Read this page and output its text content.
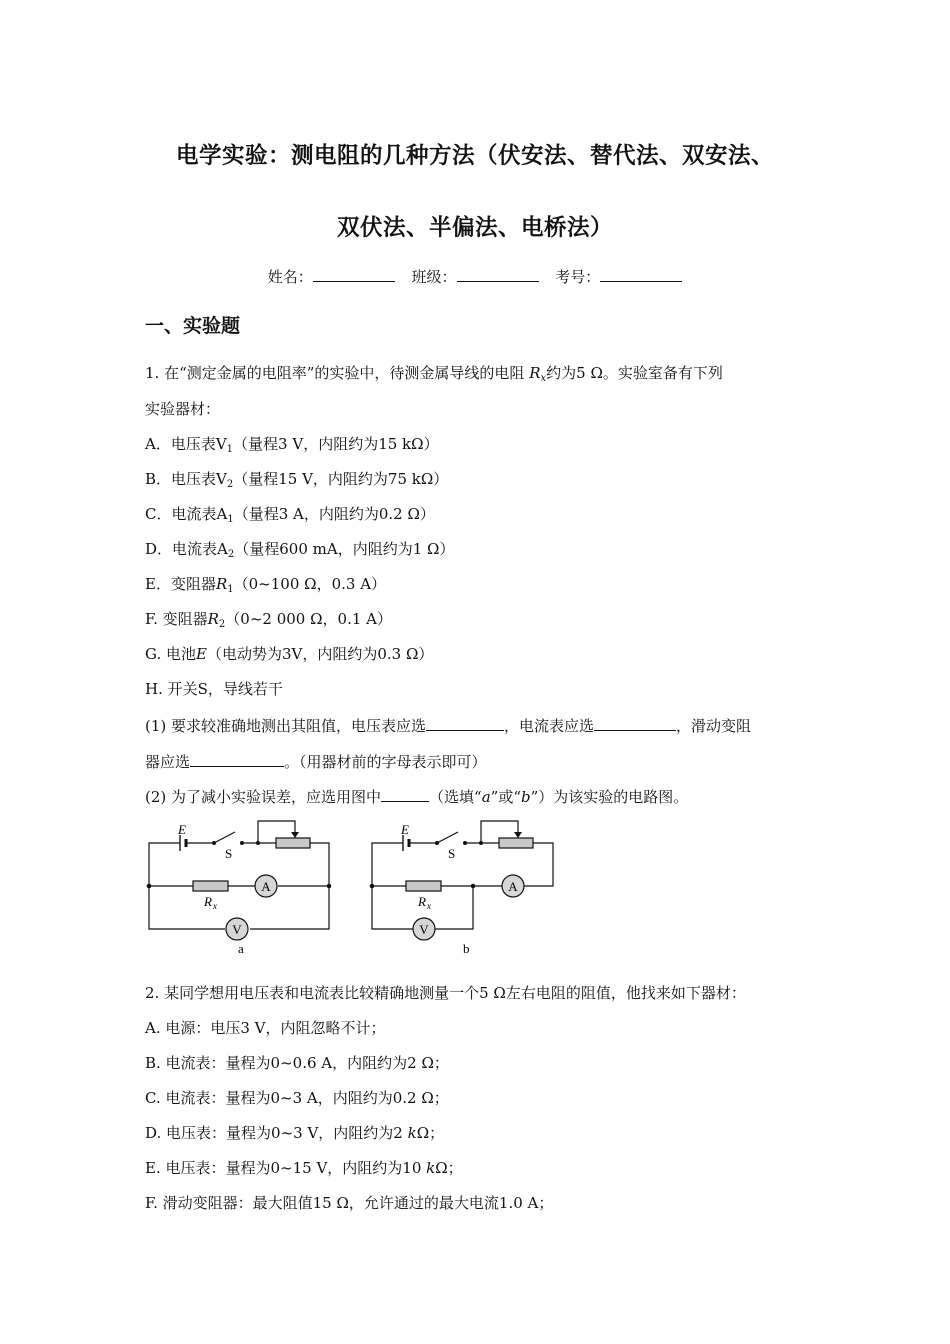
电学实验：测电阻的几种方法（伏安法、替代法、双安法、
双伏法、半偏法、电桥法）
姓名：	班级：	考号：
一、实验题
1. 在“测定金属的电阻率”的实验中，待测金属导线的电阻 $R_x$约为5 Ω。实验室备有下列
实验器材：
A．电压表$V_1$（量程3 V，内阻约为15 kΩ）
B．电压表$V_2$（量程15 V，内阻约为75 kΩ）
C．电流表$A_1$（量程3 A，内阻约为0.2 Ω）
D．电流表$A_2$（量程600 mA，内阻约为1 Ω）
E．变阻器$R_1(0\sim 100$ Ω，0.3 A）
F. 变阻器$R_2(0\sim 2$ 000 Ω，0.1 A）
G. 电池E（电动势为3V，内阻约为0.3 Ω）
H. 开关S，导线若干
(1) 要求较准确地测出其阻值，电压表应选	，电流表应选	，滑动变阻
器应选	。（用器材前的字母表示即可）
(2) 为了减小实验误差，应选用图中	（选填“a”或“b”）为该实验的电路图。
A
V
E
S
R x
a
A
V
E
S
R x
b
2. 某同学想用电压表和电流表比较精确地测量一个5 Ω左右电阻的阻值，他找来如下器材：
A. 电源：电压3 V，内阻忽略不计；
B. 电流表：量程为0~0.6 A，内阻约为2 Ω；
C. 电流表：量程为0~3 A，内阻约为0.2 Ω；
D. 电压表：量程为0~3 V，内阻约为2 kΩ；
E. 电压表：量程为0~15 V，内阻约为10 kΩ；
F. 滑动变阻器：最大阻值15 Ω，允许通过的最大电流1.0 A；
